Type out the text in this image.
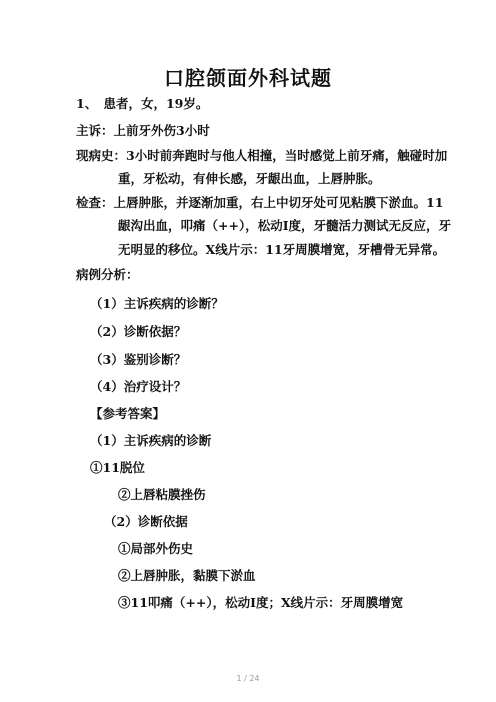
口腔颌面外科试题
1、　患者，女，19岁。
主诉：上前牙外伤3小时
现病史：3小时前奔跑时与他人相撞，当时感觉上前牙痛，触碰时加
重，牙松动，有伸长感，牙龈出血，上唇肿胀。
检查：上唇肿胀，并逐渐加重，右上中切牙处可见粘膜下淤血。11
龈沟出血，叩痛（++），松动Ⅰ度，牙髓活力测试无反应，牙
无明显的移位。X线片示：11牙周膜增宽，牙槽骨无异常。
病例分析：
（1）主诉疾病的诊断？
（2）诊断依据？
（3）鉴别诊断？
（4）治疗设计？
【参考答案】
（1）主诉疾病的诊断
①11脱位
②上唇粘膜挫伤
（2）诊断依据
①局部外伤史
②上唇肿胀，黏膜下淤血
③11叩痛（++），松动Ⅰ度；X线片示：牙周膜增宽
1 / 24
